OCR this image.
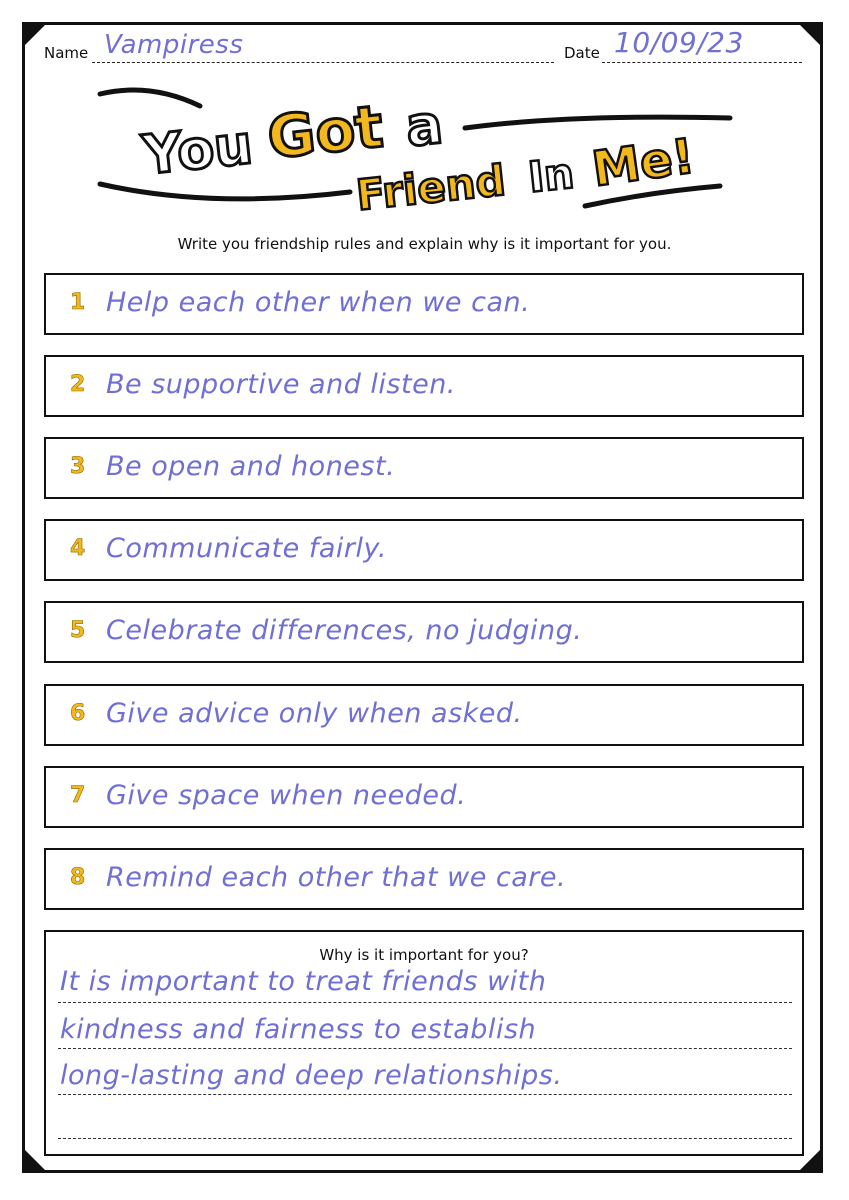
Name Vampiress	Date 10/09/23
You Got a
Friend In Me!
Write you friendship rules and explain why is it important for you.
1 Help each other when we can.
2 Be supportive and listen.
3 Be open and honest.
4 Communicate fairly.
5 Celebrate differences, no judging.
6 Give advice only when asked.
7 Give space when needed.
8 Remind each other that we care.
Why is it important for you?
It is important to treat friends with
kindness and fairness to establish
long-lasting and deep relationships.
